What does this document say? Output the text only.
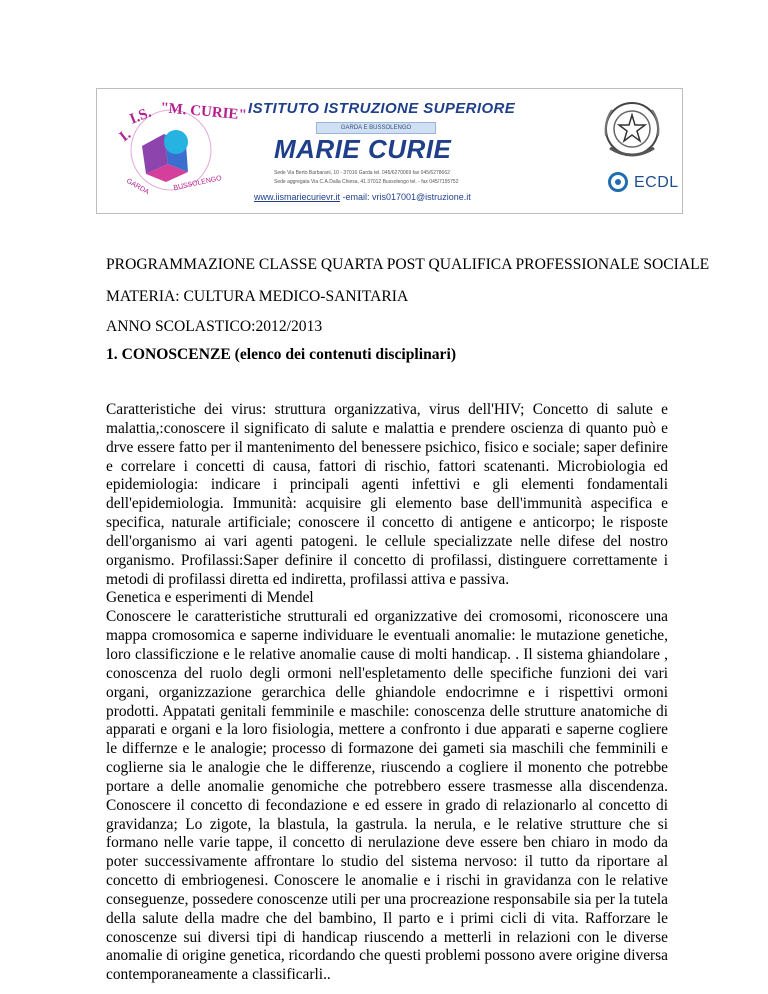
I.
I.S. "M. CURIE"
GARDA	BUSSOLENGO
ISTITUTO ISTRUZIONE SUPERIORE
GARDA E BUSSOLENGO
MARIE CURIE
Sede Via Berto Barbarani, 10 - 37016 Garda tel. 045/6270069 fax 045/6278662
Sede aggregata Via C.A.Dalla Chiesa, 41 37012 Bussolengo tel. - fax 045/7155752
www.iismariecurievr.it -email: vris017001@istruzione.it
ECDL
PROGRAMMAZIONE CLASSE QUARTA POST QUALIFICA PROFESSIONALE SOCIALE
MATERIA: CULTURA MEDICO-SANITARIA
ANNO SCOLASTICO:2012/2013
1. CONOSCENZE (elenco dei contenuti disciplinari)

Caratteristiche dei virus: struttura organizzativa, virus dell'HIV; Concetto di salute e malattia,:conoscere il significato di salute e malattia e prendere oscienza di quanto può e drve essere fatto per il mantenimento del benessere psichico, fisico e sociale; saper definire e correlare i concetti di causa, fattori di rischio, fattori scatenanti. Microbiologia ed epidemiologia: indicare i principali agenti infettivi e gli elementi fondamentali dell'epidemiologia. Immunità: acquisire gli elemento base dell'immunità aspecifica e specifica, naturale artificiale; conoscere il concetto di antigene e anticorpo; le risposte dell'organismo ai vari agenti patogeni. le cellule specializzate nelle difese del nostro organismo. Profilassi:Saper definire il concetto di profilassi, distinguere correttamente i metodi di profilassi diretta ed indiretta, profilassi attiva e passiva.

Genetica e esperimenti di Mendel

Conoscere le caratteristiche strutturali ed organizzative dei cromosomi, riconoscere una mappa cromosomica e saperne individuare le eventuali anomalie: le mutazione genetiche, loro classificzione e le relative anomalie cause di molti handicap. . Il sistema ghiandolare , conoscenza del ruolo degli ormoni nell'espletamento delle specifiche funzioni dei vari organi, organizzazione gerarchica delle ghiandole endocrimne e i rispettivi ormoni prodotti. Appatati genitali femminile e maschile: conoscenza delle strutture anatomiche di apparati e organi e la loro fisiologia, mettere a confronto i due apparati e saperne cogliere le differnze e le analogie; processo di formazone dei gameti sia maschili che femminili e coglierne sia le analogie che le differenze, riuscendo a cogliere il monento che potrebbe portare a delle anomalie genomiche che potrebbero essere trasmesse alla discendenza. Conoscere il concetto di fecondazione e ed essere in grado di relazionarlo al concetto di gravidanza; Lo zigote, la blastula, la gastrula. la nerula, e le relative strutture che si formano nelle varie tappe, il concetto di nerulazione deve essere ben chiaro in modo da poter successivamente affrontare lo studio del sistema nervoso: il tutto da riportare al concetto di embriogenesi. Conoscere le anomalie e i rischi in gravidanza con le relative conseguenze, possedere conoscenze utili per una procreazione responsabile sia per la tutela della salute della madre che del bambino, Il parto e i primi cicli di vita. Rafforzare le conoscenze sui diversi tipi di handicap riuscendo a metterli in relazioni con le diverse anomalie di origine genetica, ricordando che questi problemi possono avere origine diversa contemporaneamente a classificarli..
